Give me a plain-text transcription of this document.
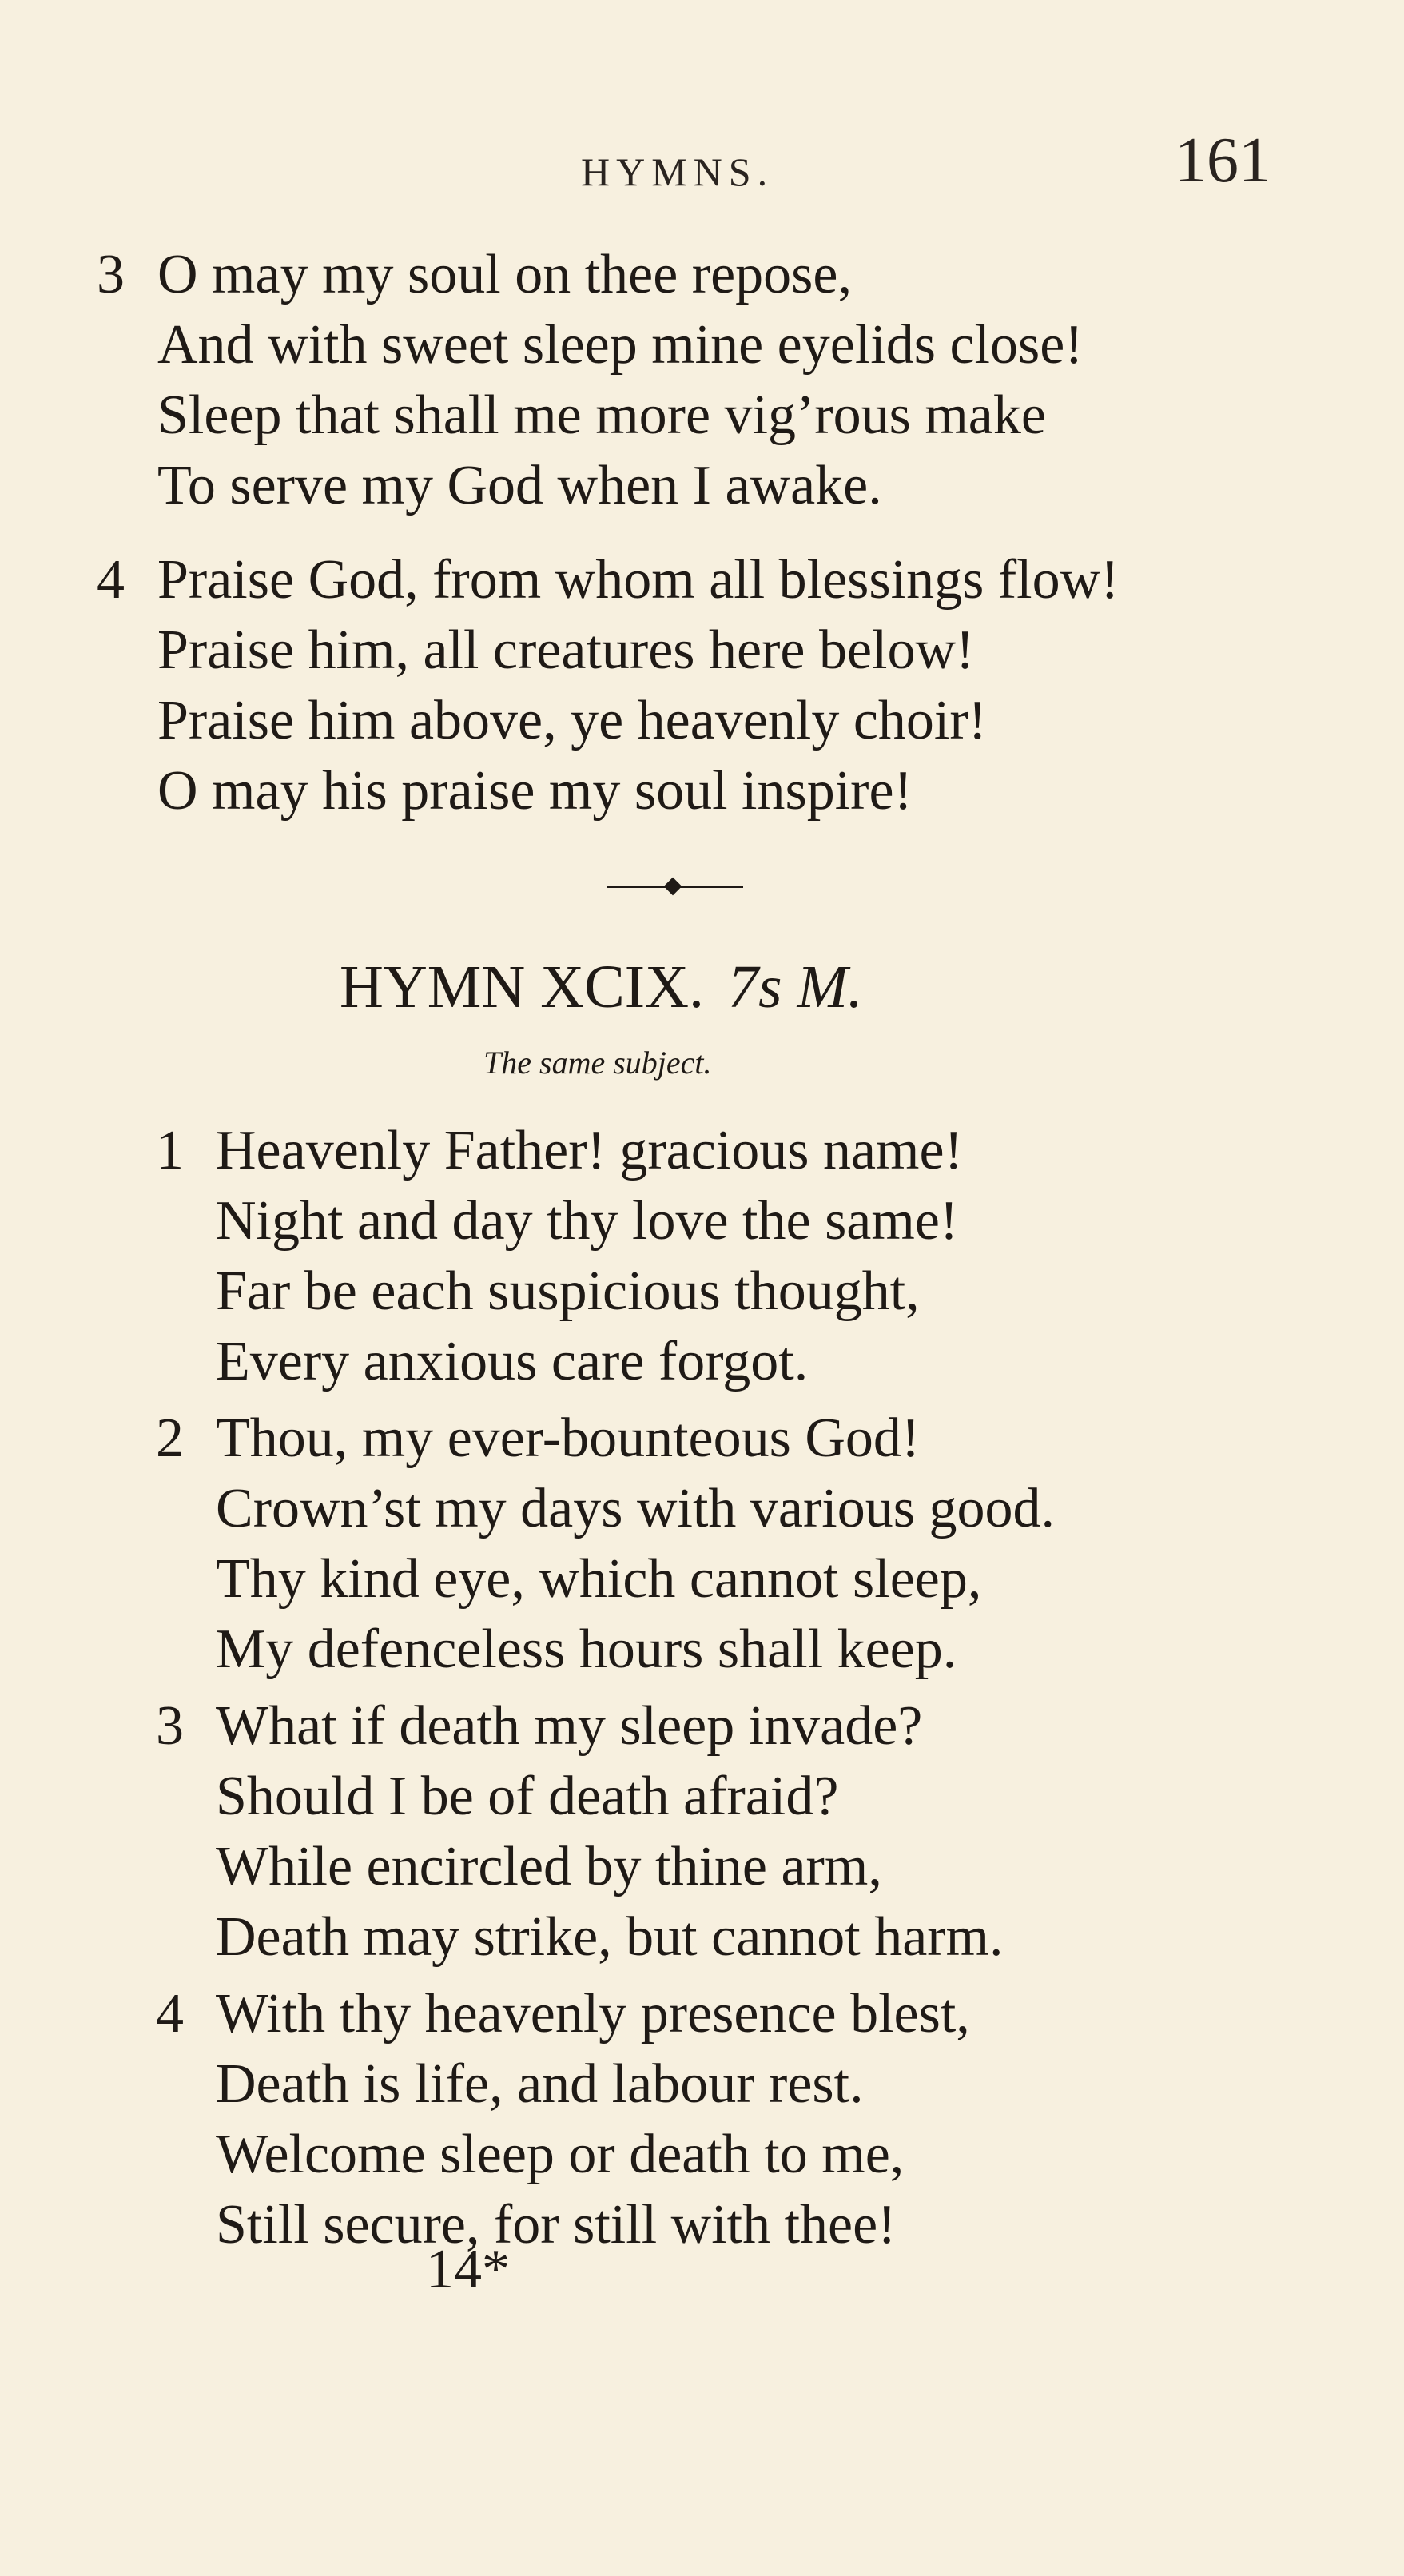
HYMNS.	161
3 O may my soul on thee repose,
And with sweet sleep mine eyelids close!
Sleep that shall me more vig’rous make
To serve my God when I awake.
4 Praise God, from whom all blessings flow!
Praise him, all creatures here below!
Praise him above, ye heavenly choir!
O may his praise my soul inspire!
HYMN XCIX. 7s M.
The same subject.
1 Heavenly Father! gracious name!
Night and day thy love the same!
Far be each suspicious thought,
Every anxious care forgot.
2 Thou, my ever-bounteous God!
Crown’st my days with various good.
Thy kind eye, which cannot sleep,
My defenceless hours shall keep.
3 What if death my sleep invade?
Should I be of death afraid?
While encircled by thine arm,
Death may strike, but cannot harm.
4 With thy heavenly presence blest,
Death is life, and labour rest.
Welcome sleep or death to me,
Still secure, for still with thee!
14*
